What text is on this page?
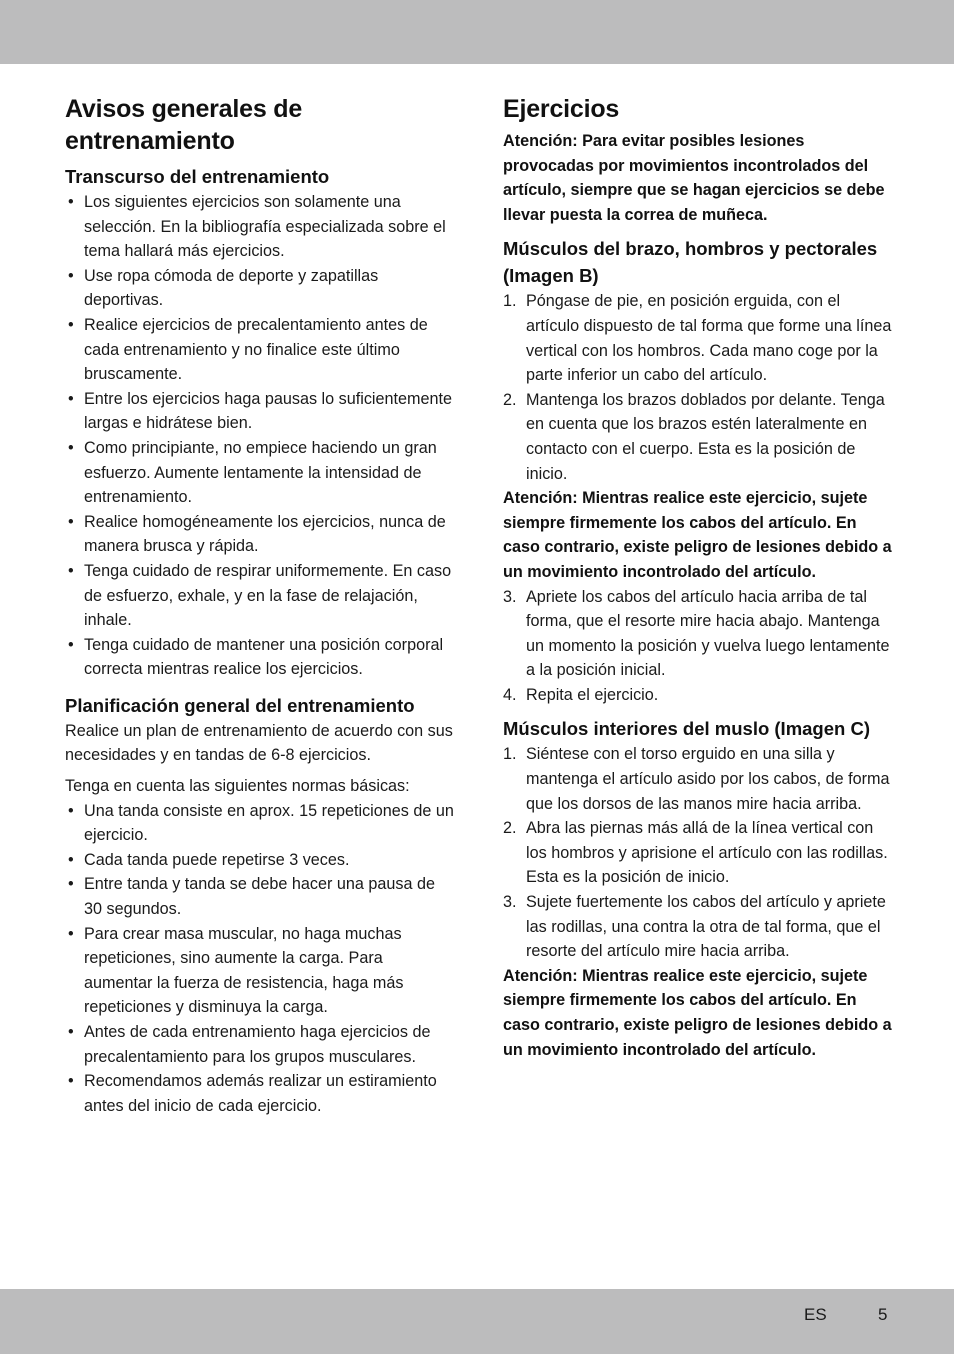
Avisos generales de entrenamiento
Transcurso del entrenamiento
• Los siguientes ejercicios son solamente una selección. En la bibliografía especializada sobre el tema hallará más ejercicios.
• Use ropa cómoda de deporte y zapatillas deportivas.
• Realice ejercicios de precalentamiento antes de cada entrenamiento y no finalice este último bruscamente.
• Entre los ejercicios haga pausas lo suficientemente largas e hidrátese bien.
• Como principiante, no empiece haciendo un gran esfuerzo. Aumente lentamente la intensidad de entrenamiento.
• Realice homogéneamente los ejercicios, nunca de manera brusca y rápida.
• Tenga cuidado de respirar uniformemente. En caso de esfuerzo, exhale, y en la fase de relajación, inhale.
• Tenga cuidado de mantener una posición corporal correcta mientras realice los ejercicios.
Planificación general del entrenamiento

Realice un plan de entrenamiento de acuerdo con sus necesidades y en tandas de 6-8 ejercicios.

Tenga en cuenta las siguientes normas básicas:

• Una tanda consiste en aprox. 15 repeticiones de un ejercicio.
• Cada tanda puede repetirse 3 veces.
• Entre tanda y tanda se debe hacer una pausa de 30 segundos.
• Para crear masa muscular, no haga muchas repeticiones, sino aumente la carga. Para aumentar la fuerza de resistencia, haga más repeticiones y disminuya la carga.
• Antes de cada entrenamiento haga ejercicios de precalentamiento para los grupos musculares.
• Recomendamos además realizar un estiramiento antes del inicio de cada ejercicio.
Ejercicios

Atención: Para evitar posibles lesiones provocadas por movimientos incontrolados del artículo, siempre que se hagan ejercicios se debe llevar puesta la correa de muñeca.

Músculos del brazo, hombros y pectorales (Imagen B)
1. Póngase de pie, en posición erguida, con el artículo dispuesto de tal forma que forme una línea vertical con los hombros. Cada mano coge por la parte inferior un cabo del artículo.
2. Mantenga los brazos doblados por delante. Tenga en cuenta que los brazos estén lateralmente en contacto con el cuerpo. Esta es la posición de inicio.

Atención: Mientras realice este ejercicio, sujete siempre firmemente los cabos del artículo. En caso contrario, existe peligro de lesiones debido a un movimiento incontrolado del artículo.

3. Apriete los cabos del artículo hacia arriba de tal forma, que el resorte mire hacia abajo. Mantenga un momento la posición y vuelva luego lentamente a la posición inicial.
4. Repita el ejercicio.
Músculos interiores del muslo (Imagen C)
1. Siéntese con el torso erguido en una silla y mantenga el artículo asido por los cabos, de forma que los dorsos de las manos mire hacia arriba.
2. Abra las piernas más allá de la línea vertical con los hombros y aprisione el artículo con las rodillas. Esta es la posición de inicio.
3. Sujete fuertemente los cabos del artículo y apriete las rodillas, una contra la otra de tal forma, que el resorte del artículo mire hacia arriba.

Atención: Mientras realice este ejercicio, sujete siempre firmemente los cabos del artículo. En caso contrario, existe peligro de lesiones debido a un movimiento incontrolado del artículo.

ES	5
